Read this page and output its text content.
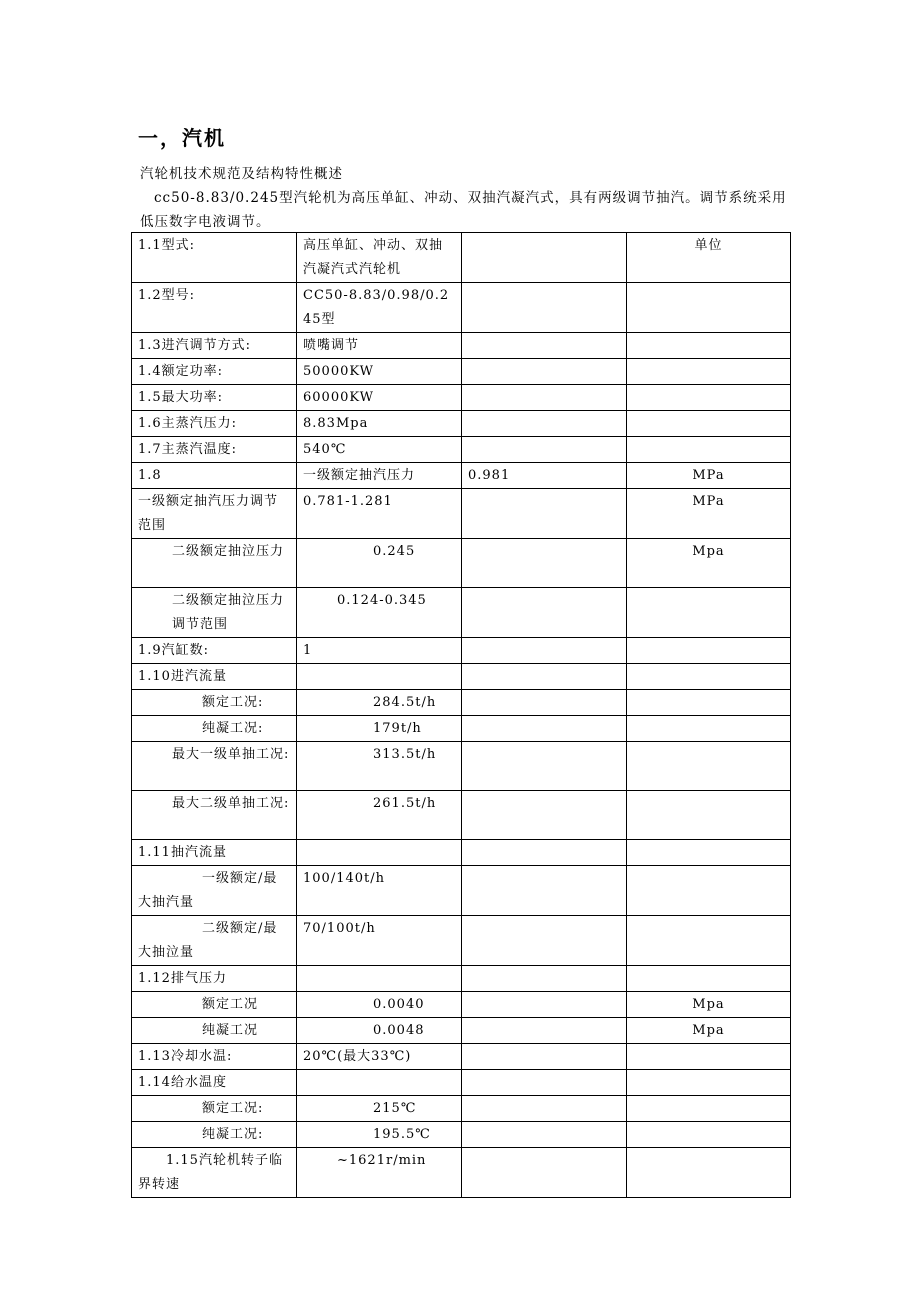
一，汽机
汽轮机技术规范及结构特性概述
cc50-8.83/0.245型汽轮机为高压单缸、冲动、双抽汽凝汽式，具有两级调节抽汽。调节系统采用低压数字电液调节。
1.1型式:	高压单缸、冲动、双抽汽凝汽式汽轮机		单位
1.2型号:	CC50-8.83/0.98/0.245型		
1.3进汽调节方式:	喷嘴调节		
1.4额定功率:	50000KW		
1.5最大功率:	60000KW		
1.6主蒸汽压力:	8.83Mpa		
1.7主蒸汽温度:	540℃		
1.8	一级额定抽汽压力	0.981	MPa
一级额定抽汽压力调节范围	0.781-1.281		MPa
二级额定抽泣压力	0.245		Mpa
二级额定抽泣压力调节范围	0.124-0.345		
1.9汽缸数:	1		
1.10进汽流量			
额定工况:	284.5t/h		
纯凝工况:	179t/h		
最大一级单抽工况:	313.5t/h		
最大二级单抽工况:	261.5t/h		
1.11抽汽流量			
一级额定/最大抽汽量	100/140t/h		
二级额定/最大抽泣量	70/100t/h		
1.12排气压力			
额定工况	0.0040		Mpa
纯凝工况	0.0048		Mpa
1.13冷却水温:	20℃(最大33℃)		
1.14给水温度			
额定工况:	215℃		
纯凝工况:	195.5℃		
1.15汽轮机转子临界转速	~1621r/min		
